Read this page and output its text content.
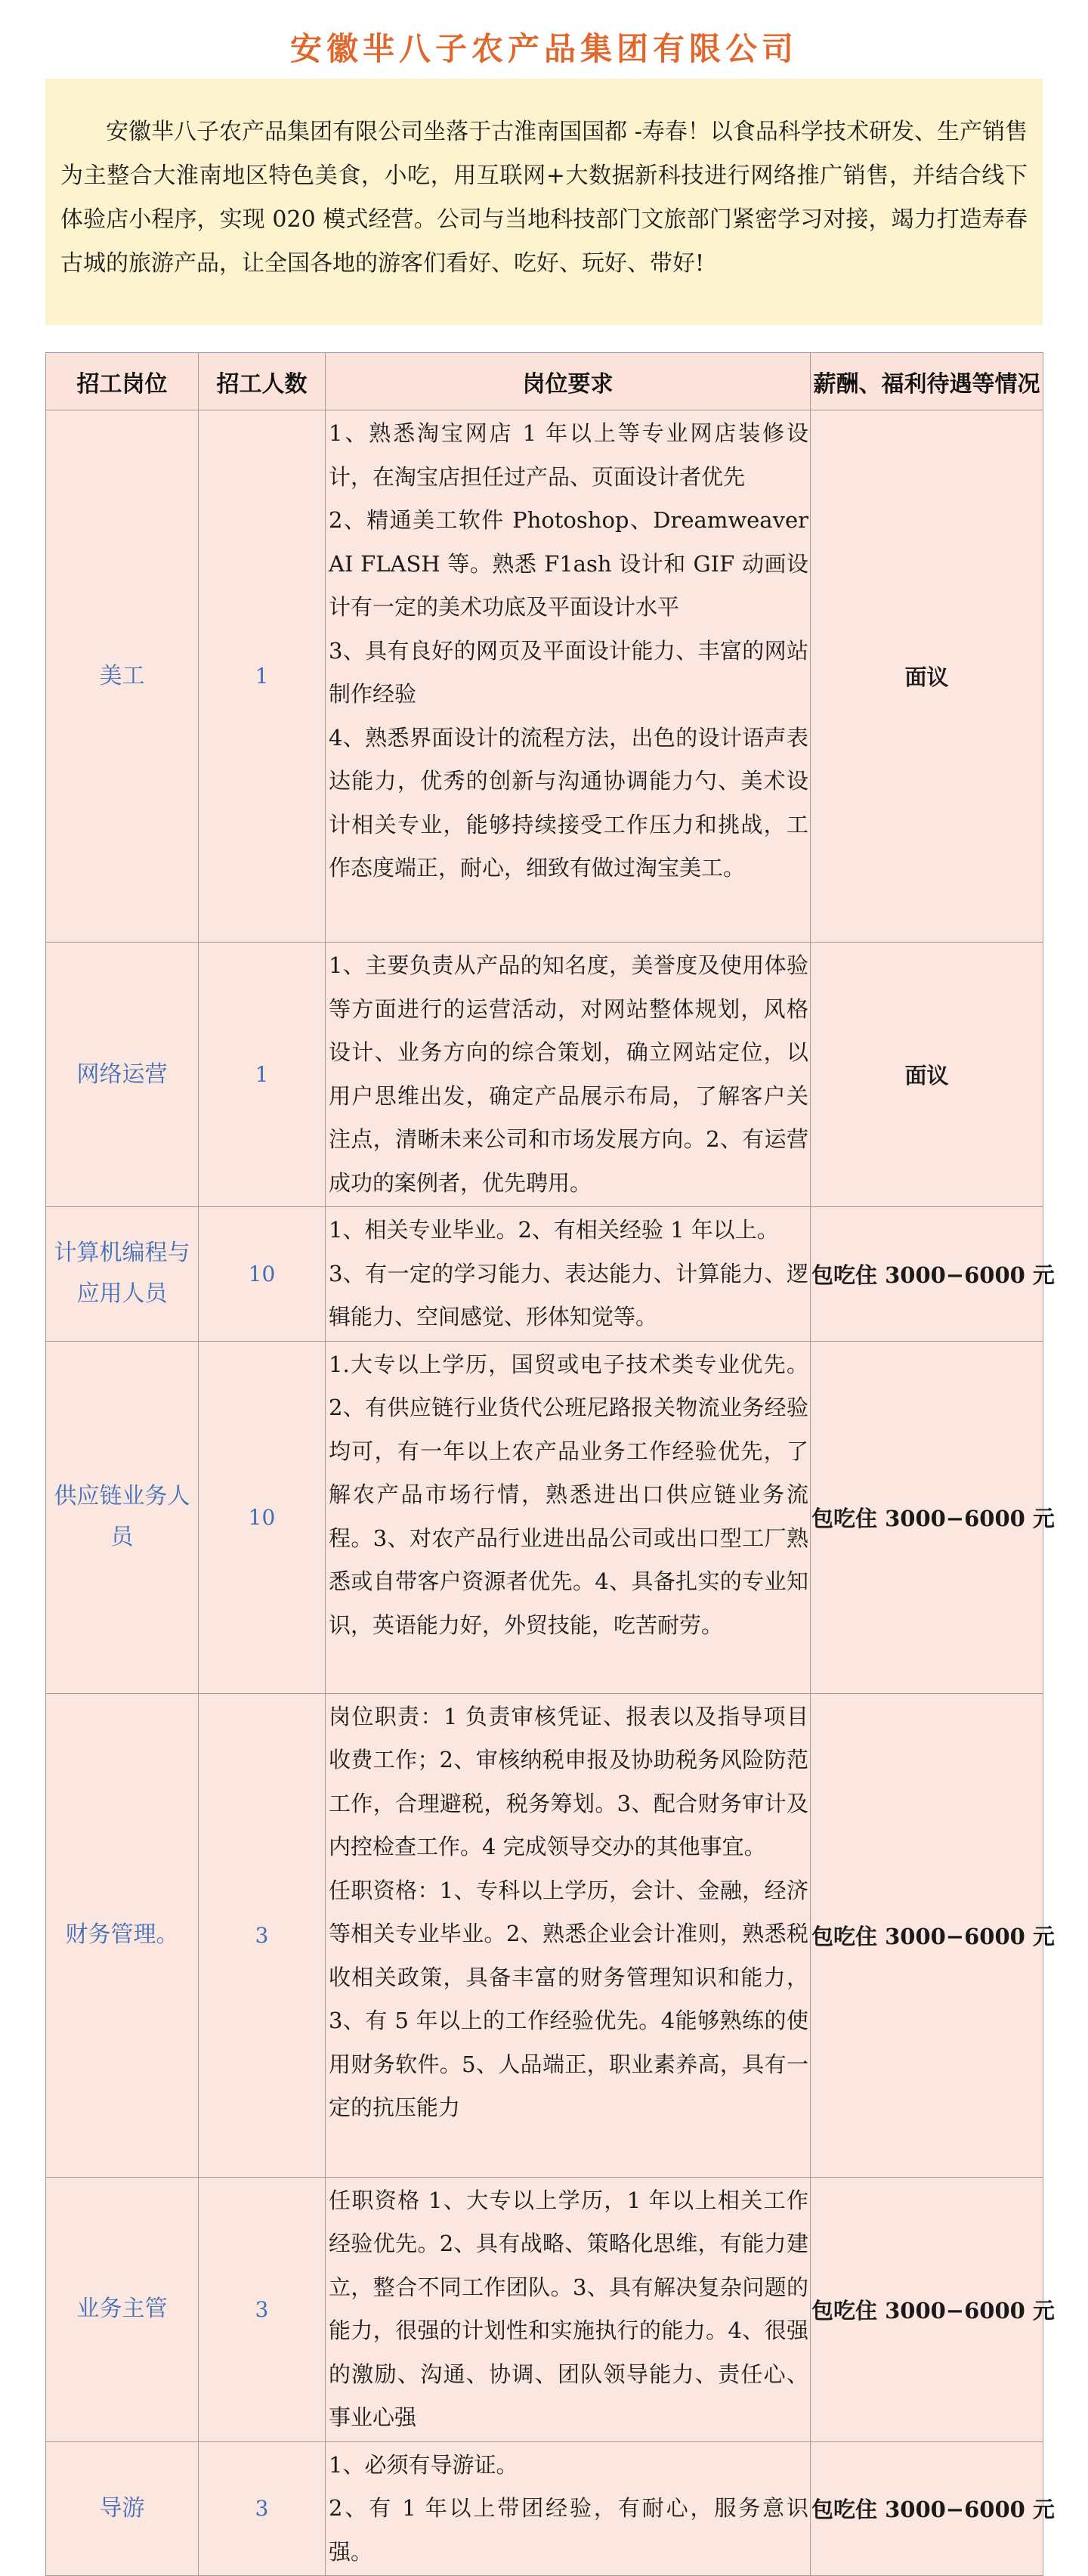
安徽芈八子农产品集团有限公司
安徽芈八子农产品集团有限公司坐落于古淮南国国都 -寿春！以食品科学技术研发、生产销售为主整合大淮南地区特色美食，小吃，用互联网+大数据新科技进行网络推广销售，并结合线下体验店小程序，实现 020 模式经营。公司与当地科技部门文旅部门紧密学习对接，竭力打造寿春古城的旅游产品，让全国各地的游客们看好、吃好、玩好、带好!
招工岗位	招工人数	岗位要求	薪酬、福利待遇等情况
美工	1	1、熟悉淘宝网店 1 年以上等专业网店装修设计，在淘宝店担任过产品、页面设计者优先

2、精通美工软件 Photoshop、Dreamweaver AI FLASH 等。熟悉 F1ash 设计和 GIF 动画设计有一定的美术功底及平面设计水平

3、具有良好的网页及平面设计能力、丰富的网站制作经验

4、熟悉界面设计的流程方法，出色的设计语声表达能力，优秀的创新与沟通协调能力勺、美术设计相关专业，能够持续接受工作压力和挑战，工作态度端正，耐心，细致有做过淘宝美工。	面议
网络运营	1	1、主要负责从产品的知名度，美誉度及使用体验等方面进行的运营活动，对网站整体规划，风格设计、业务方向的综合策划，确立网站定位，以用户思维出发，确定产品展示布局，了解客户关注点，清晰未来公司和市场发展方向。2、有运营成功的案例者，优先聘用。	面议
计算机编程与应用人员	10	1、相关专业毕业。2、有相关经验 1 年以上。

3、有一定的学习能力、表达能力、计算能力、逻辑能力、空间感觉、形体知觉等。	包吃住 3000−6000 元
供应链业务人员	10	1.大专以上学历，国贸或电子技术类专业优先。2、有供应链行业货代公班尼路报关物流业务经验均可，有一年以上农产品业务工作经验优先，了解农产品市场行情，熟悉进出口供应链业务流程。3、对农产品行业进出品公司或出口型工厂熟悉或自带客户资源者优先。4、具备扎实的专业知识，英语能力好，外贸技能，吃苦耐劳。	包吃住 3000−6000 元
财务管理。	3	岗位职责：1 负责审核凭证、报表以及指导项目收费工作；2、审核纳税申报及协助税务风险防范工作，合理避税，税务筹划。3、配合财务审计及内控检查工作。4 完成领导交办的其他事宜。

任职资格：1、专科以上学历，会计、金融，经济等相关专业毕业。2、熟悉企业会计准则，熟悉税收相关政策，具备丰富的财务管理知识和能力，3、有 5 年以上的工作经验优先。4能够熟练的使用财务软件。5、人品端正，职业素养高，具有一定的抗压能力	包吃住 3000−6000 元
业务主管	3	任职资格 1、大专以上学历，1 年以上相关工作经验优先。2、具有战略、策略化思维，有能力建立，整合不同工作团队。3、具有解决复杂问题的能力，很强的计划性和实施执行的能力。4、很强的激励、沟通、协调、团队领导能力、责任心、事业心强	包吃住 3000−6000 元
导游	3	1、必须有导游证。

2、有 1 年以上带团经验，有耐心，服务意识强。	包吃住 3000−6000 元
